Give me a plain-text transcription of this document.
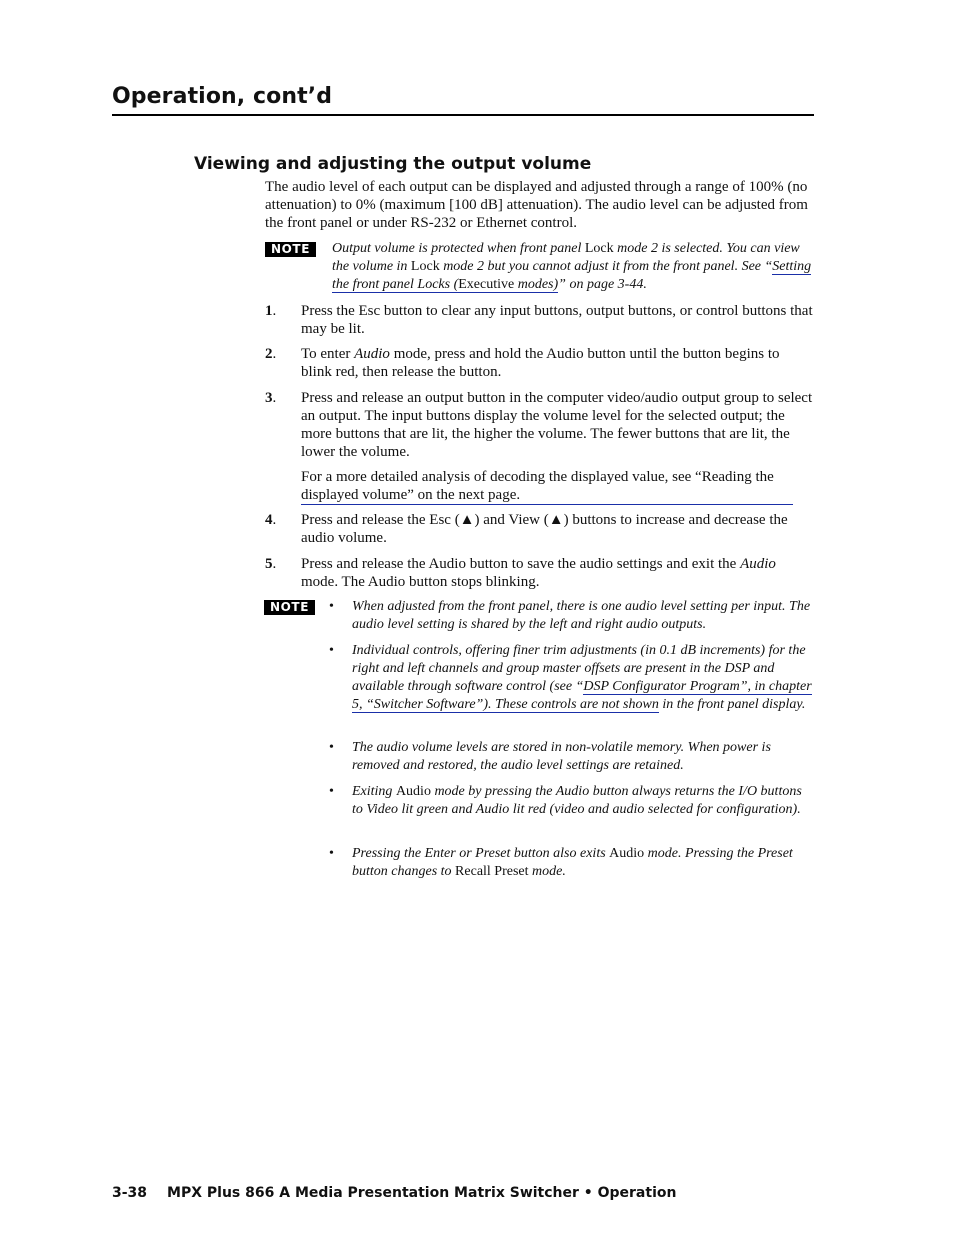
Operation, cont’d
Viewing and adjusting the output volume
The audio level of each output can be displayed and adjusted through a range of 100% (no attenuation) to 0% (maximum [100 dB] attenuation). The audio level can be adjusted from the front panel or under RS-232 or Ethernet control.
NOTE	Output volume is protected when front panel Lock mode 2 is selected. You can view the volume in Lock mode 2 but you cannot adjust it from the front panel. See “Setting the front panel Locks (Executive modes)” on page 3-44.
1.	Press the Esc button to clear any input buttons, output buttons, or control buttons that may be lit.
2.	To enter Audio mode, press and hold the Audio button until the button begins to blink red, then release the button.
3.	Press and release an output button in the computer video/audio output group to select an output. The input buttons display the volume level for the selected output; the more buttons that are lit, the higher the volume. The fewer buttons that are lit, the lower the volume.
For a more detailed analysis of decoding the displayed value, see “Reading the displayed volume” on the next page.
4.	Press and release the Esc (▲) and View (▲) buttons to increase and decrease the audio volume.
5.	Press and release the Audio button to save the audio settings and exit the Audio mode. The Audio button stops blinking.
NOTE	•	When adjusted from the front panel, there is one audio level setting per input. The audio level setting is shared by the left and right audio outputs.
•	Individual controls, offering finer trim adjustments (in 0.1 dB increments) for the right and left channels and group master offsets are present in the DSP and available through software control (see “DSP Configurator Program”, in chapter 5, “Switcher Software”). These controls are not shown in the front panel display.
•	The audio volume levels are stored in non-volatile memory. When power is removed and restored, the audio level settings are retained.
•	Exiting Audio mode by pressing the Audio button always returns the I/O buttons to Video lit green and Audio lit red (video and audio selected for configuration).
•	Pressing the Enter or Preset button also exits Audio mode. Pressing the Preset button changes to Recall Preset mode.
3-38 MPX Plus 866 A Media Presentation Matrix Switcher • Operation
